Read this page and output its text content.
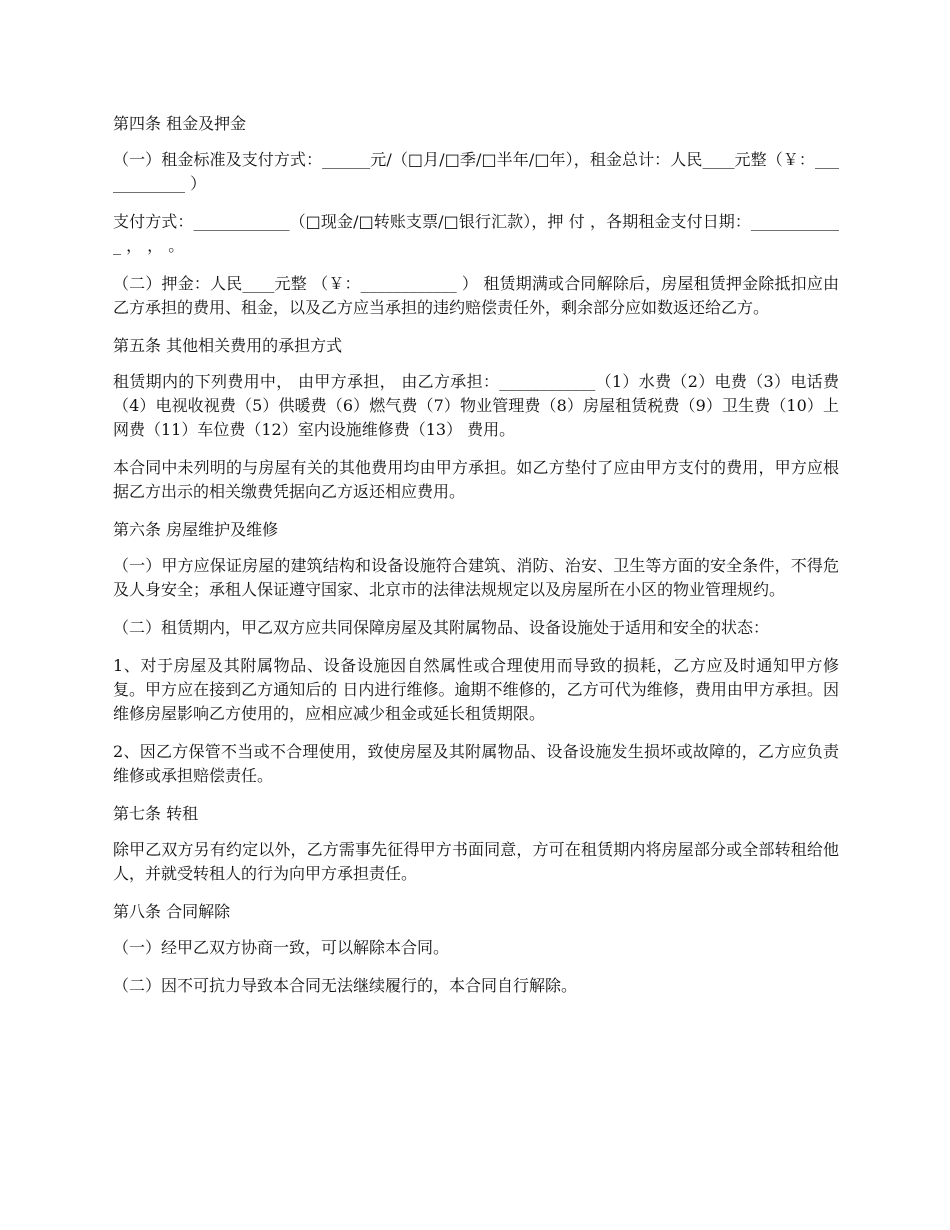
第四条 租金及押金

（一）租金标准及支付方式：______元/（□月/□季/□半年/□年），租金总计：人民____元整（￥：____________ ）

支付方式：____________（□现金/□转账支票/□银行汇款），押 付 ，各期租金支付日期：____________ ， ， 。

（二）押金：人民____元整 （￥：____________ ） 租赁期满或合同解除后，房屋租赁押金除抵扣应由乙方承担的费用、租金，以及乙方应当承担的违约赔偿责任外，剩余部分应如数返还给乙方。

第五条 其他相关费用的承担方式

租赁期内的下列费用中， 由甲方承担， 由乙方承担：____________（1）水费（2）电费（3）电话费（4）电视收视费（5）供暖费（6）燃气费（7）物业管理费（8）房屋租赁税费（9）卫生费（10）上网费（11）车位费（12）室内设施维修费（13） 费用。

本合同中未列明的与房屋有关的其他费用均由甲方承担。如乙方垫付了应由甲方支付的费用，甲方应根据乙方出示的相关缴费凭据向乙方返还相应费用。

第六条 房屋维护及维修

（一）甲方应保证房屋的建筑结构和设备设施符合建筑、消防、治安、卫生等方面的安全条件，不得危及人身安全；承租人保证遵守国家、北京市的法律法规规定以及房屋所在小区的物业管理规约。

（二）租赁期内，甲乙双方应共同保障房屋及其附属物品、设备设施处于适用和安全的状态：

1、对于房屋及其附属物品、设备设施因自然属性或合理使用而导致的损耗，乙方应及时通知甲方修复。甲方应在接到乙方通知后的 日内进行维修。逾期不维修的，乙方可代为维修，费用由甲方承担。因维修房屋影响乙方使用的，应相应减少租金或延长租赁期限。

2、因乙方保管不当或不合理使用，致使房屋及其附属物品、设备设施发生损坏或故障的，乙方应负责维修或承担赔偿责任。

第七条 转租

除甲乙双方另有约定以外，乙方需事先征得甲方书面同意，方可在租赁期内将房屋部分或全部转租给他人，并就受转租人的行为向甲方承担责任。

第八条 合同解除

（一）经甲乙双方协商一致，可以解除本合同。

（二）因不可抗力导致本合同无法继续履行的，本合同自行解除。
